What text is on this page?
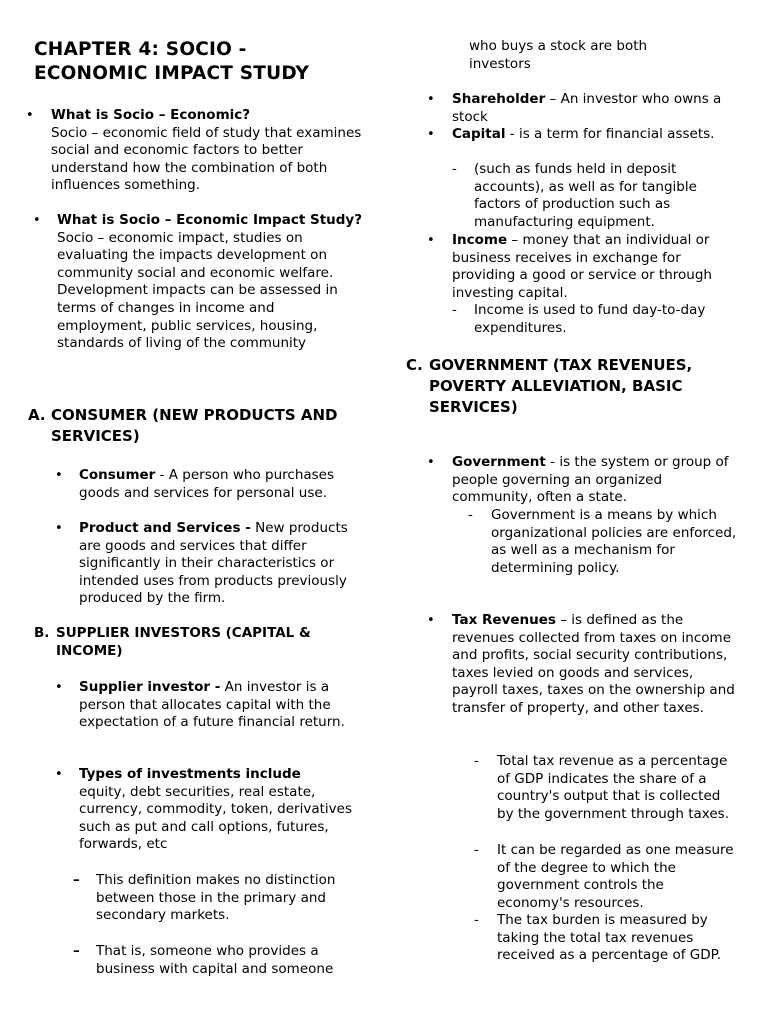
CHAPTER 4: SOCIO - ECONOMIC IMPACT STUDY
• What is Socio – Economic?

Socio – economic field of study that examines social and economic factors to better understand how the combination of both influences something.

• What is Socio – Economic Impact Study?

Socio – economic impact, studies on evaluating the impacts development on community social and economic welfare. Development impacts can be assessed in terms of changes in income and employment, public services, housing, standards of living of the community

A. CONSUMER (NEW PRODUCTS AND SERVICES)
• Consumer - A person who purchases goods and services for personal use.

• Product and Services - New products are goods and services that differ significantly in their characteristics or intended uses from products previously produced by the firm.

B. SUPPLIER INVESTORS (CAPITAL & INCOME)
• Supplier investor - An investor is a person that allocates capital with the expectation of a future financial return.

• Types of investments include

equity, debt securities, real estate, currency, commodity, token, derivatives such as put and call options, futures, forwards, etc

– This definition makes no distinction between those in the primary and secondary markets.

– That is, someone who provides a business with capital and someone

who buys a stock are both investors
• Shareholder – An investor who owns a stock

• Capital - is a term for financial assets.

- (such as funds held in deposit accounts), as well as for tangible factors of production such as manufacturing equipment.

• Income – money that an individual or business receives in exchange for providing a good or service or through investing capital.

- Income is used to fund day-to-day expenditures.

C. GOVERNMENT (TAX REVENUES, POVERTY ALLEVIATION, BASIC SERVICES)
• Government - is the system or group of people governing an organized community, often a state.

- Government is a means by which organizational policies are enforced, as well as a mechanism for determining policy.

• Tax Revenues – is defined as the revenues collected from taxes on income and profits, social security contributions, taxes levied on goods and services, payroll taxes, taxes on the ownership and transfer of property, and other taxes.

- Total tax revenue as a percentage of GDP indicates the share of a country's output that is collected by the government through taxes.

- It can be regarded as one measure of the degree to which the government controls the economy's resources.

- The tax burden is measured by taking the total tax revenues received as a percentage of GDP.
